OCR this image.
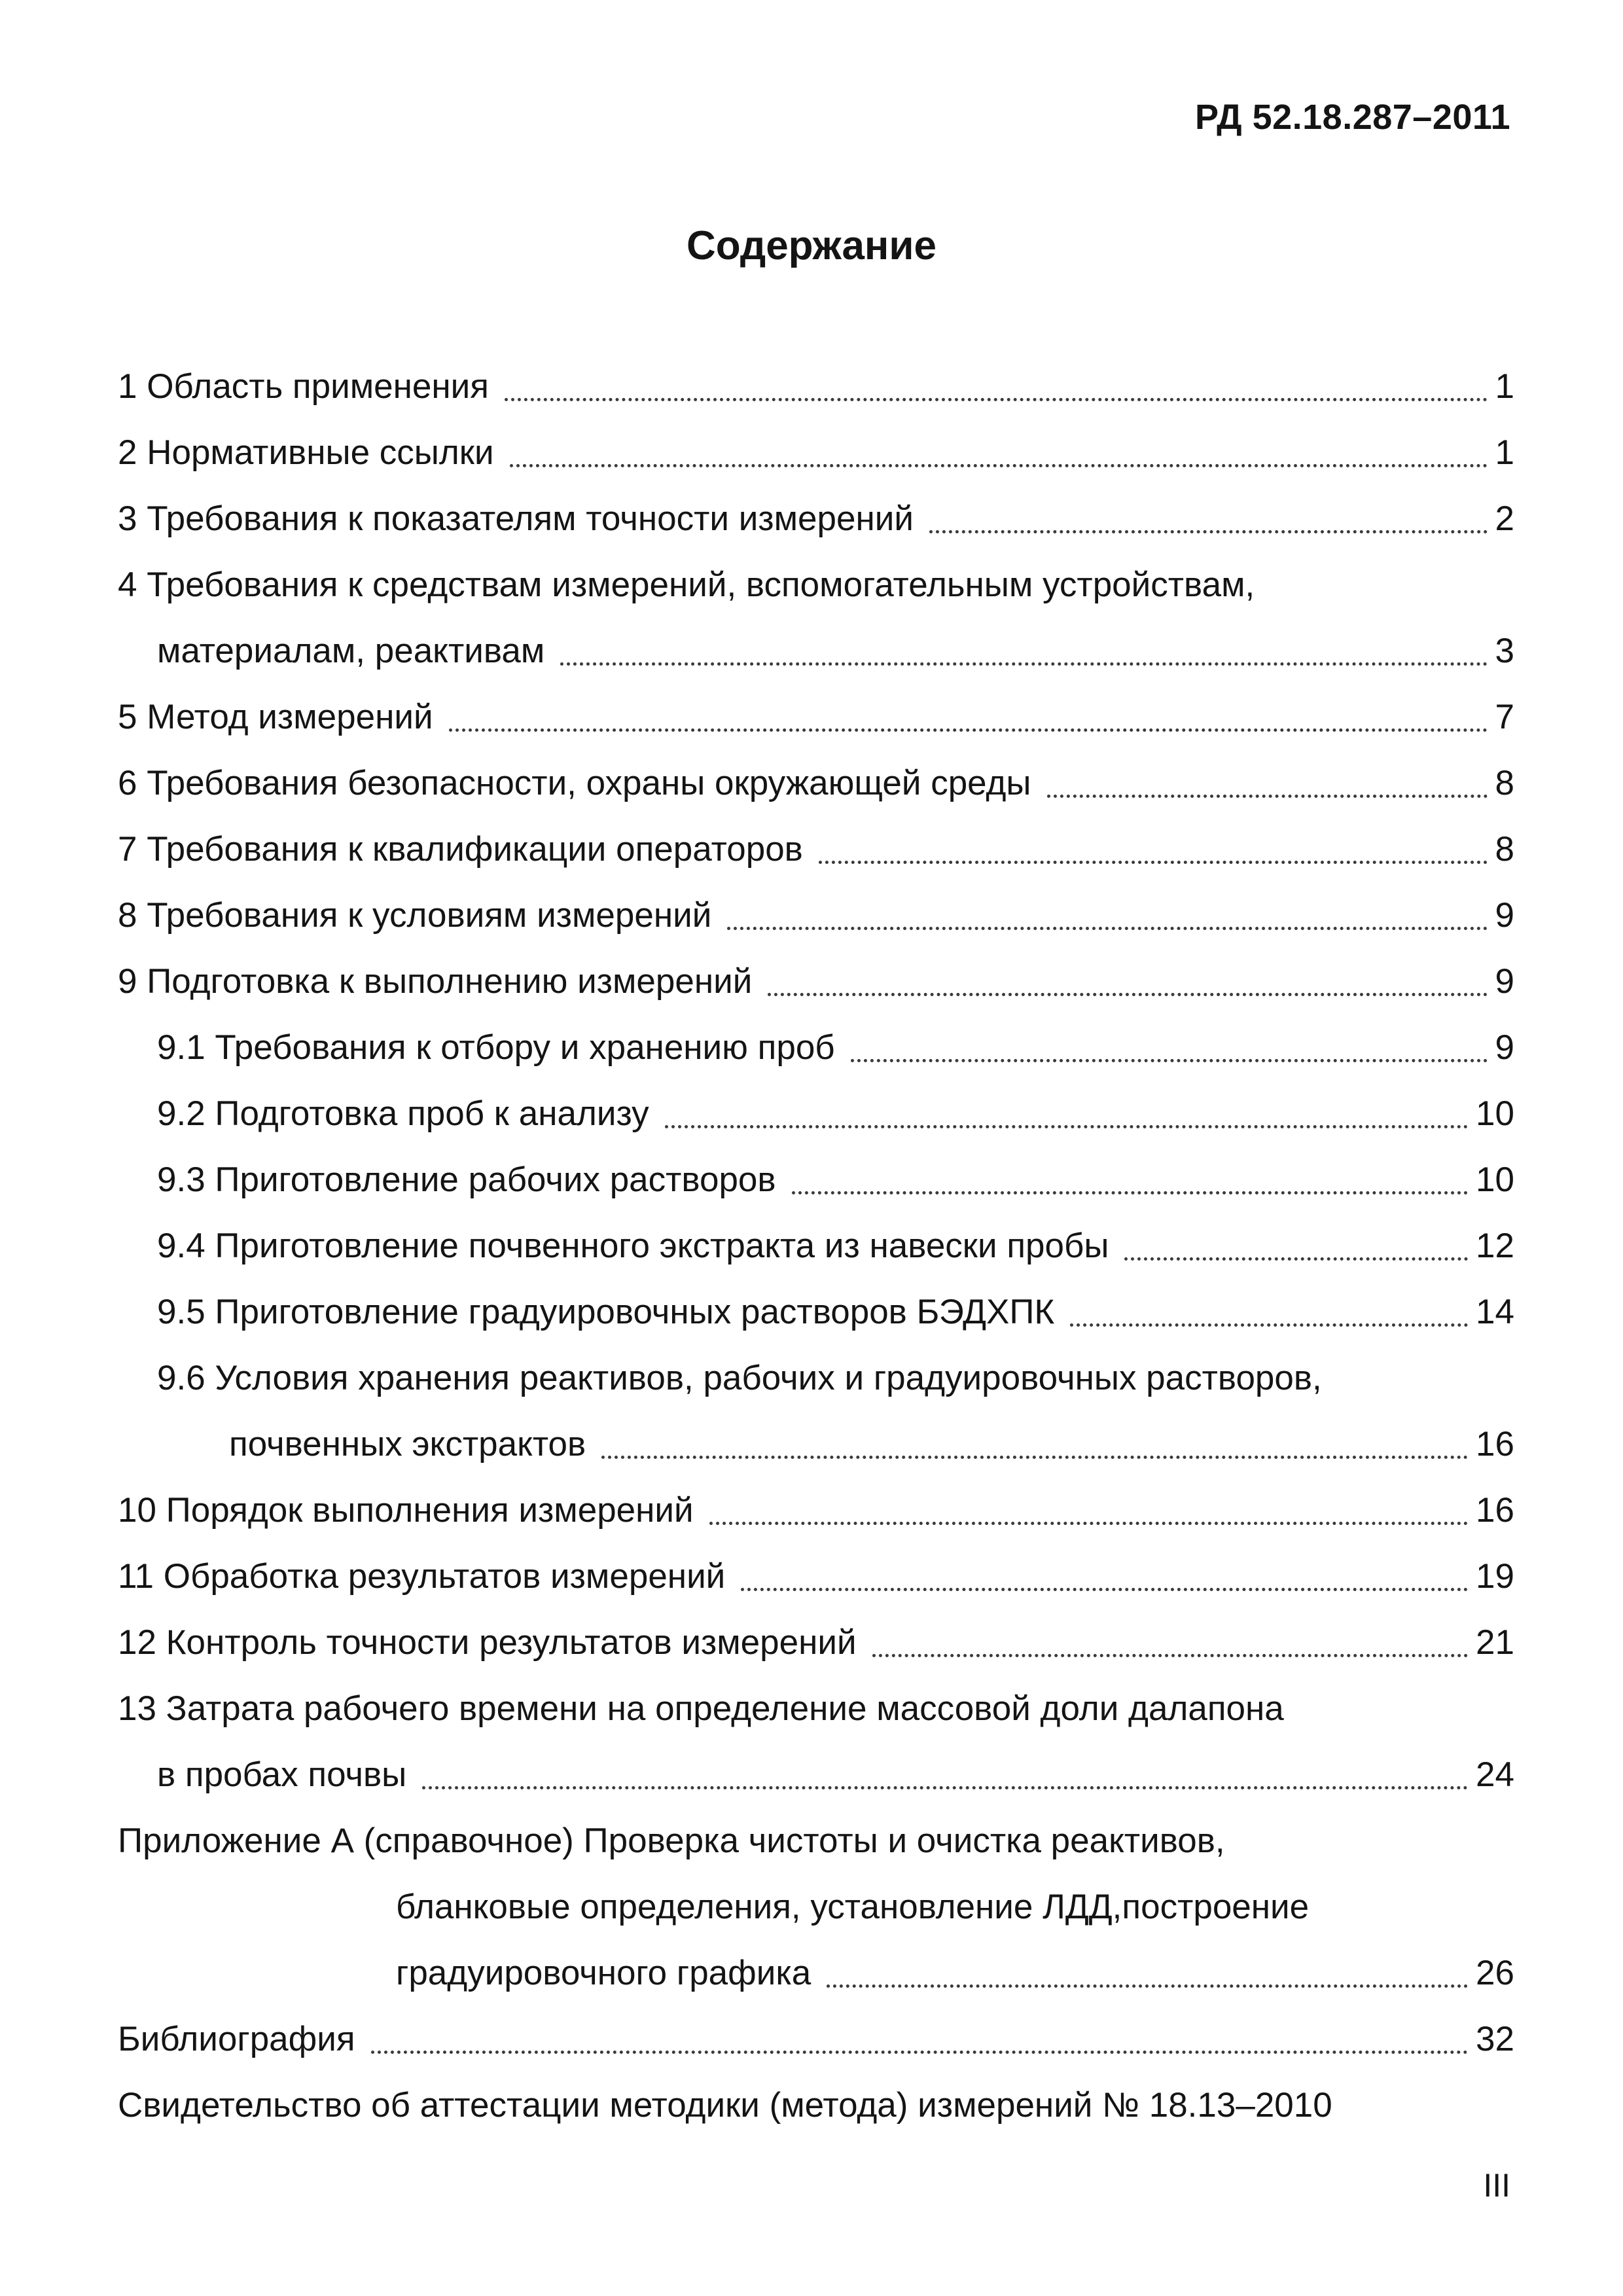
РД 52.18.287–2011
Содержание
1 Область применения	1
2 Нормативные ссылки	1
3 Требования к показателям точности измерений	2
4 Требования к средствам измерений, вспомогательным устройствам,
материалам, реактивам	3
5 Метод измерений	7
6 Требования безопасности, охраны окружающей среды	8
7 Требования к квалификации операторов	8
8 Требования к условиям измерений	9
9 Подготовка к выполнению измерений	9
9.1 Требования к отбору и хранению проб	9
9.2 Подготовка проб к анализу	10
9.3 Приготовление рабочих растворов	10
9.4 Приготовление почвенного экстракта из навески пробы	12
9.5 Приготовление градуировочных растворов БЭДХПК	14
9.6 Условия хранения реактивов, рабочих и градуировочных растворов,
почвенных экстрактов	16
10 Порядок выполнения измерений	16
11 Обработка результатов измерений	19
12 Контроль точности результатов измерений	21
13 Затрата рабочего времени на определение массовой доли далапона
в пробах почвы	24
Приложение А (справочное) Проверка чистоты и очистка реактивов,
бланковые определения, установление ЛДД,построение
градуировочного графика	26
Библиография	32
Свидетельство об аттестации методики (метода) измерений № 18.13–2010
III
